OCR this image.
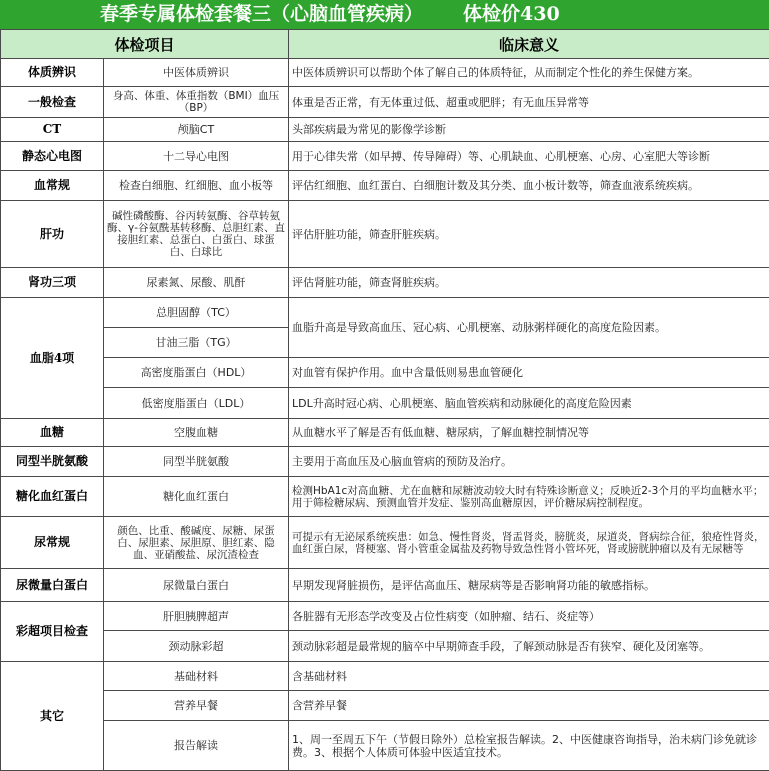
春季专属体检套餐三（心脑血管疾病） 体检价430
体检项目		临床意义
体质辨识	中医体质辨识	中医体质辨识可以帮助个体了解自己的体质特征，从而制定个性化的养生保健方案。
一般检查	身高、体重、体重指数（BMI）血压（BP）	体重是否正常，有无体重过低、超重或肥胖；有无血压异常等
CT	颅脑CT	头部疾病最为常见的影像学诊断
静态心电图	十二导心电图	用于心律失常（如早搏、传导障碍）等、心肌缺血、心肌梗塞、心房、心室肥大等诊断
血常规	检查白细胞、红细胞、血小板等	评估红细胞、血红蛋白、白细胞计数及其分类、血小板计数等，筛查血液系统疾病。
肝功	碱性磷酸酶、谷丙转氨酶、谷草转氨酶、γ-谷氨酰基转移酶、总胆红素、直接胆红素、总蛋白、白蛋白、球蛋白、白球比	评估肝脏功能，筛查肝脏疾病。
肾功三项	尿素氮、尿酸、肌酐	评估肾脏功能，筛查肾脏疾病。
血脂4项	总胆固醇（TC）	血脂升高是导致高血压、冠心病、心肌梗塞、动脉粥样硬化的高度危险因素。
	甘油三脂（TG）	
	高密度脂蛋白（HDL）	对血管有保护作用。血中含量低则易患血管硬化
	低密度脂蛋白（LDL）	LDL升高时冠心病、心肌梗塞、脑血管疾病和动脉硬化的高度危险因素
血糖	空腹血糖	从血糖水平了解是否有低血糖、糖尿病，了解血糖控制情况等
同型半胱氨酸	同型半胱氨酸	主要用于高血压及心脑血管病的预防及治疗。
糖化血红蛋白	糖化血红蛋白	检测HbA1c对高血糖、尤在血糖和尿糖波动较大时有特殊诊断意义；反映近2-3个月的平均血糖水平；用于筛检糖尿病、预测血管并发症、鉴别高血糖原因，评价糖尿病控制程度。
尿常规	颜色、比重、酸碱度、尿糖、尿蛋白、尿胆素、尿胆原、胆红素、隐血、亚硝酸盐、尿沉渣检查	可提示有无泌尿系统疾患：如急、慢性肾炎，肾盂肾炎，膀胱炎，尿道炎，肾病综合征，狼疮性肾炎，血红蛋白尿，肾梗塞、肾小管重金属盐及药物导致急性肾小管坏死，肾或膀胱肿瘤以及有无尿糖等
尿微量白蛋白	尿微量白蛋白	早期发现肾脏损伤，是评估高血压、糖尿病等是否影响肾功能的敏感指标。
彩超项目检查	肝胆胰脾超声	各脏器有无形态学改变及占位性病变（如肿瘤、结石、炎症等）
	颈动脉彩超	颈动脉彩超是最常规的脑卒中早期筛查手段，了解颈动脉是否有狭窄、硬化及闭塞等。
其它	基础材料	含基础材料
	营养早餐	含营养早餐
	报告解读	1、周一至周五下午（节假日除外）总检室报告解读。2、中医健康咨询指导，治未病门诊免就诊费。3、根据个人体质可体验中医适宜技术。
